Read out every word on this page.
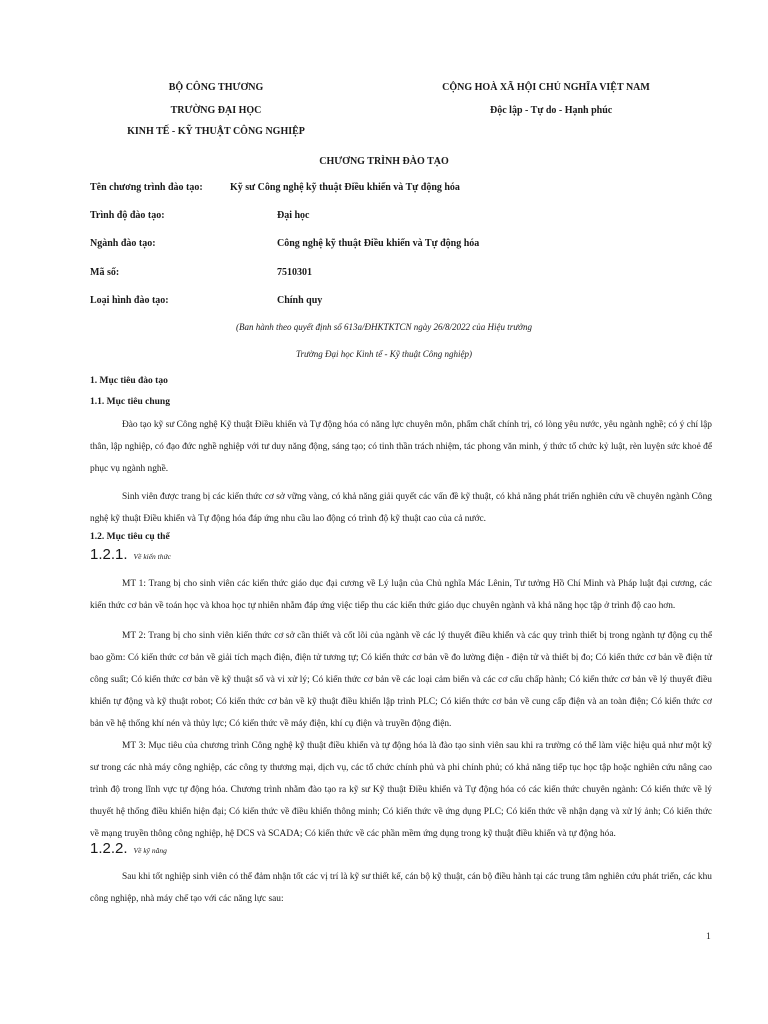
BỘ CÔNG THƯƠNG
TRƯỜNG ĐẠI HỌC
KINH TẾ - KỸ THUẬT CÔNG NGHIỆP
CỘNG HOÀ XÃ HỘI CHỦ NGHĨA VIỆT NAM
Độc lập - Tự do - Hạnh phúc
CHƯƠNG TRÌNH ĐÀO TẠO
Tên chương trình đào tạo:	Kỹ sư Công nghệ kỹ thuật Điều khiển và Tự động hóa
Trình độ đào tạo:	Đại học
Ngành đào tạo:	Công nghệ kỹ thuật Điều khiển và Tự động hóa
Mã số:	7510301
Loại hình đào tạo:	Chính quy
(Ban hành theo quyết định số 613a/ĐHKTKTCN ngày 26/8/2022 của Hiệu trưởng
Trường Đại học Kinh tế - Kỹ thuật Công nghiệp)
1. Mục tiêu đào tạo
1.1. Mục tiêu chung
Đào tạo kỹ sư Công nghệ Kỹ thuật Điều khiển và Tự động hóa có năng lực chuyên môn, phẩm chất chính trị, có lòng yêu nước, yêu ngành nghề; có ý chí lập thân, lập nghiệp, có đạo đức nghề nghiệp với tư duy năng động, sáng tạo; có tinh thần trách nhiệm, tác phong văn minh, ý thức tổ chức kỷ luật, rèn luyện sức khoẻ để phục vụ ngành nghề.
Sinh viên được trang bị các kiến thức cơ sở vững vàng, có khả năng giải quyết các vấn đề kỹ thuật, có khả năng phát triển nghiên cứu về chuyên ngành Công nghệ kỹ thuật Điều khiển và Tự động hóa đáp ứng nhu cầu lao động có trình độ kỹ thuật cao của cả nước.
1.2. Mục tiêu cụ thể
1.2.1. Về kiến thức
MT 1: Trang bị cho sinh viên các kiến thức giáo dục đại cương về Lý luận của Chủ nghĩa Mác Lênin, Tư tưởng Hồ Chí Minh và Pháp luật đại cương, các kiến thức cơ bản về toán học và khoa học tự nhiên nhằm đáp ứng việc tiếp thu các kiến thức giáo dục chuyên ngành và khả năng học tập ở trình độ cao hơn.
MT 2: Trang bị cho sinh viên kiến thức cơ sở cần thiết và cốt lõi của ngành về các lý thuyết điều khiển và các quy trình thiết bị trong ngành tự động cụ thể bao gồm: Có kiến thức cơ bản về giải tích mạch điện, điện tử tương tự; Có kiến thức cơ bản về đo lường điện - điện tử và thiết bị đo; Có kiến thức cơ bản về điện tử công suất; Có kiến thức cơ bản về kỹ thuật số và vi xử lý; Có kiến thức cơ bản về các loại cảm biến và các cơ cấu chấp hành; Có kiến thức cơ bản về lý thuyết điều khiển tự động và kỹ thuật robot; Có kiến thức cơ bản về kỹ thuật điều khiển lập trình PLC; Có kiến thức cơ bản về cung cấp điện và an toàn điện; Có kiến thức cơ bản về hệ thống khí nén và thủy lực; Có kiến thức về máy điện, khí cụ điện và truyền động điện.
MT 3: Mục tiêu của chương trình Công nghệ kỹ thuật điều khiển và tự động hóa là đào tạo sinh viên sau khi ra trường có thể làm việc hiệu quả như một kỹ sư trong các nhà máy công nghiệp, các công ty thương mại, dịch vụ, các tổ chức chính phủ và phi chính phủ; có khả năng tiếp tục học tập hoặc nghiên cứu nâng cao trình độ trong lĩnh vực tự động hóa. Chương trình nhằm đào tạo ra kỹ sư Kỹ thuật Điều khiển và Tự động hóa có các kiến thức chuyên ngành: Có kiến thức về lý thuyết hệ thống điều khiển hiện đại; Có kiến thức về điều khiển thông minh; Có kiến thức về ứng dụng PLC; Có kiến thức về nhận dạng và xử lý ảnh; Có kiến thức về mạng truyền thông công nghiệp, hệ DCS và SCADA; Có kiến thức về các phần mềm ứng dụng trong kỹ thuật điều khiển và tự động hóa.
1.2.2. Về kỹ năng
Sau khi tốt nghiệp sinh viên có thể đảm nhận tốt các vị trí là kỹ sư thiết kế, cán bộ kỹ thuật, cán bộ điều hành tại các trung tâm nghiên cứu phát triển, các khu công nghiệp, nhà máy chế tạo với các năng lực sau:
1
